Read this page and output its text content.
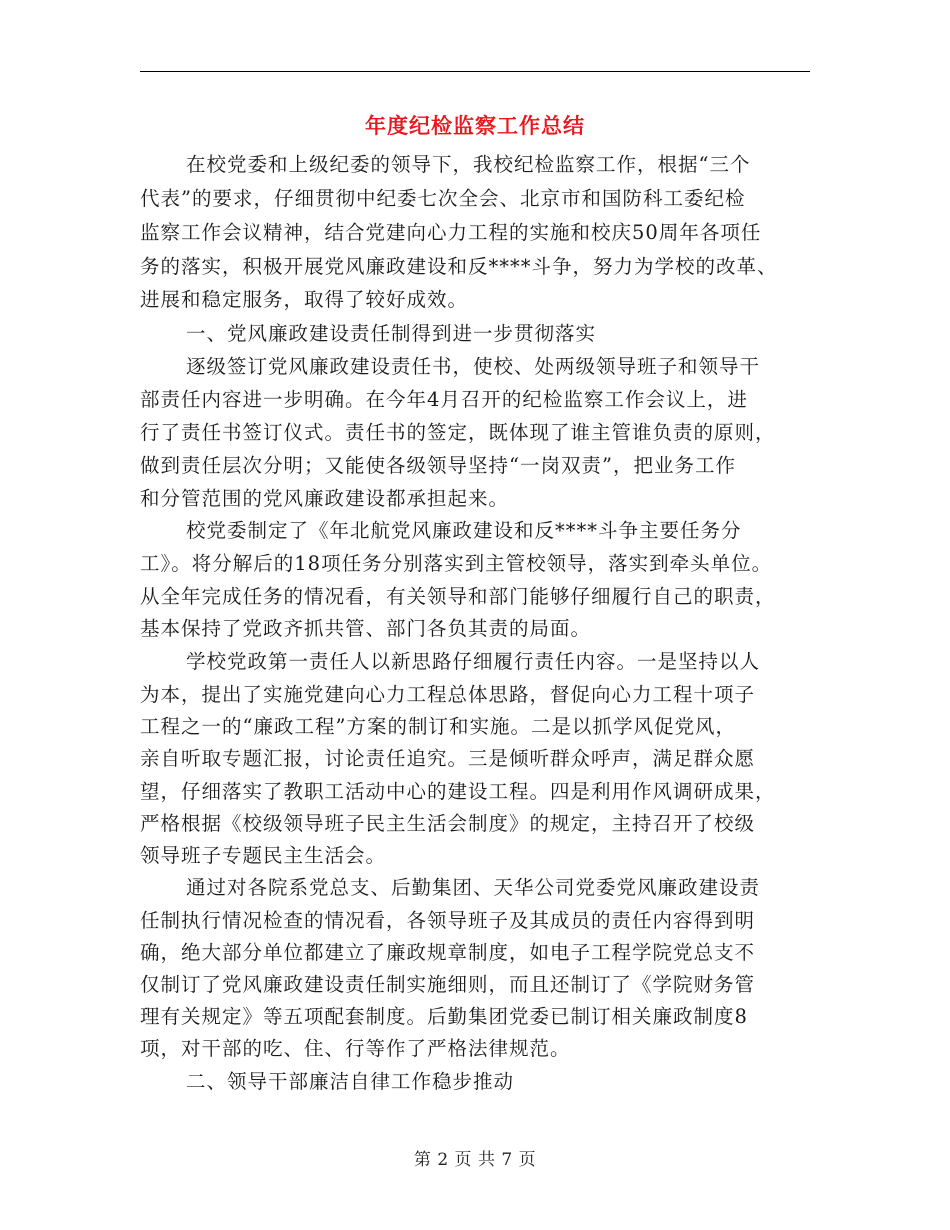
年度纪检监察工作总结
在校党委和上级纪委的领导下，我校纪检监察工作，根据“三个
代表”的要求，仔细贯彻中纪委七次全会、北京市和国防科工委纪检
监察工作会议精神，结合党建向心力工程的实施和校庆50周年各项任
务的落实，积极开展党风廉政建设和反****斗争，努力为学校的改革、
进展和稳定服务，取得了较好成效。
一、党风廉政建设责任制得到进一步贯彻落实
逐级签订党风廉政建设责任书，使校、处两级领导班子和领导干
部责任内容进一步明确。在今年4月召开的纪检监察工作会议上，进
行了责任书签订仪式。责任书的签定，既体现了谁主管谁负责的原则，
做到责任层次分明；又能使各级领导坚持“一岗双责”，把业务工作
和分管范围的党风廉政建设都承担起来。
校党委制定了《年北航党风廉政建设和反****斗争主要任务分
工》。将分解后的18项任务分别落实到主管校领导，落实到牵头单位。
从全年完成任务的情况看，有关领导和部门能够仔细履行自己的职责，
基本保持了党政齐抓共管、部门各负其责的局面。
学校党政第一责任人以新思路仔细履行责任内容。一是坚持以人
为本，提出了实施党建向心力工程总体思路，督促向心力工程十项子
工程之一的“廉政工程”方案的制订和实施。二是以抓学风促党风，
亲自听取专题汇报，讨论责任追究。三是倾听群众呼声，满足群众愿
望，仔细落实了教职工活动中心的建设工程。四是利用作风调研成果，
严格根据《校级领导班子民主生活会制度》的规定，主持召开了校级
领导班子专题民主生活会。
通过对各院系党总支、后勤集团、天华公司党委党风廉政建设责
任制执行情况检查的情况看，各领导班子及其成员的责任内容得到明
确，绝大部分单位都建立了廉政规章制度，如电子工程学院党总支不
仅制订了党风廉政建设责任制实施细则，而且还制订了《学院财务管
理有关规定》等五项配套制度。后勤集团党委已制订相关廉政制度8
项，对干部的吃、住、行等作了严格法律规范。
二、领导干部廉洁自律工作稳步推动
第 2 页 共 7 页
